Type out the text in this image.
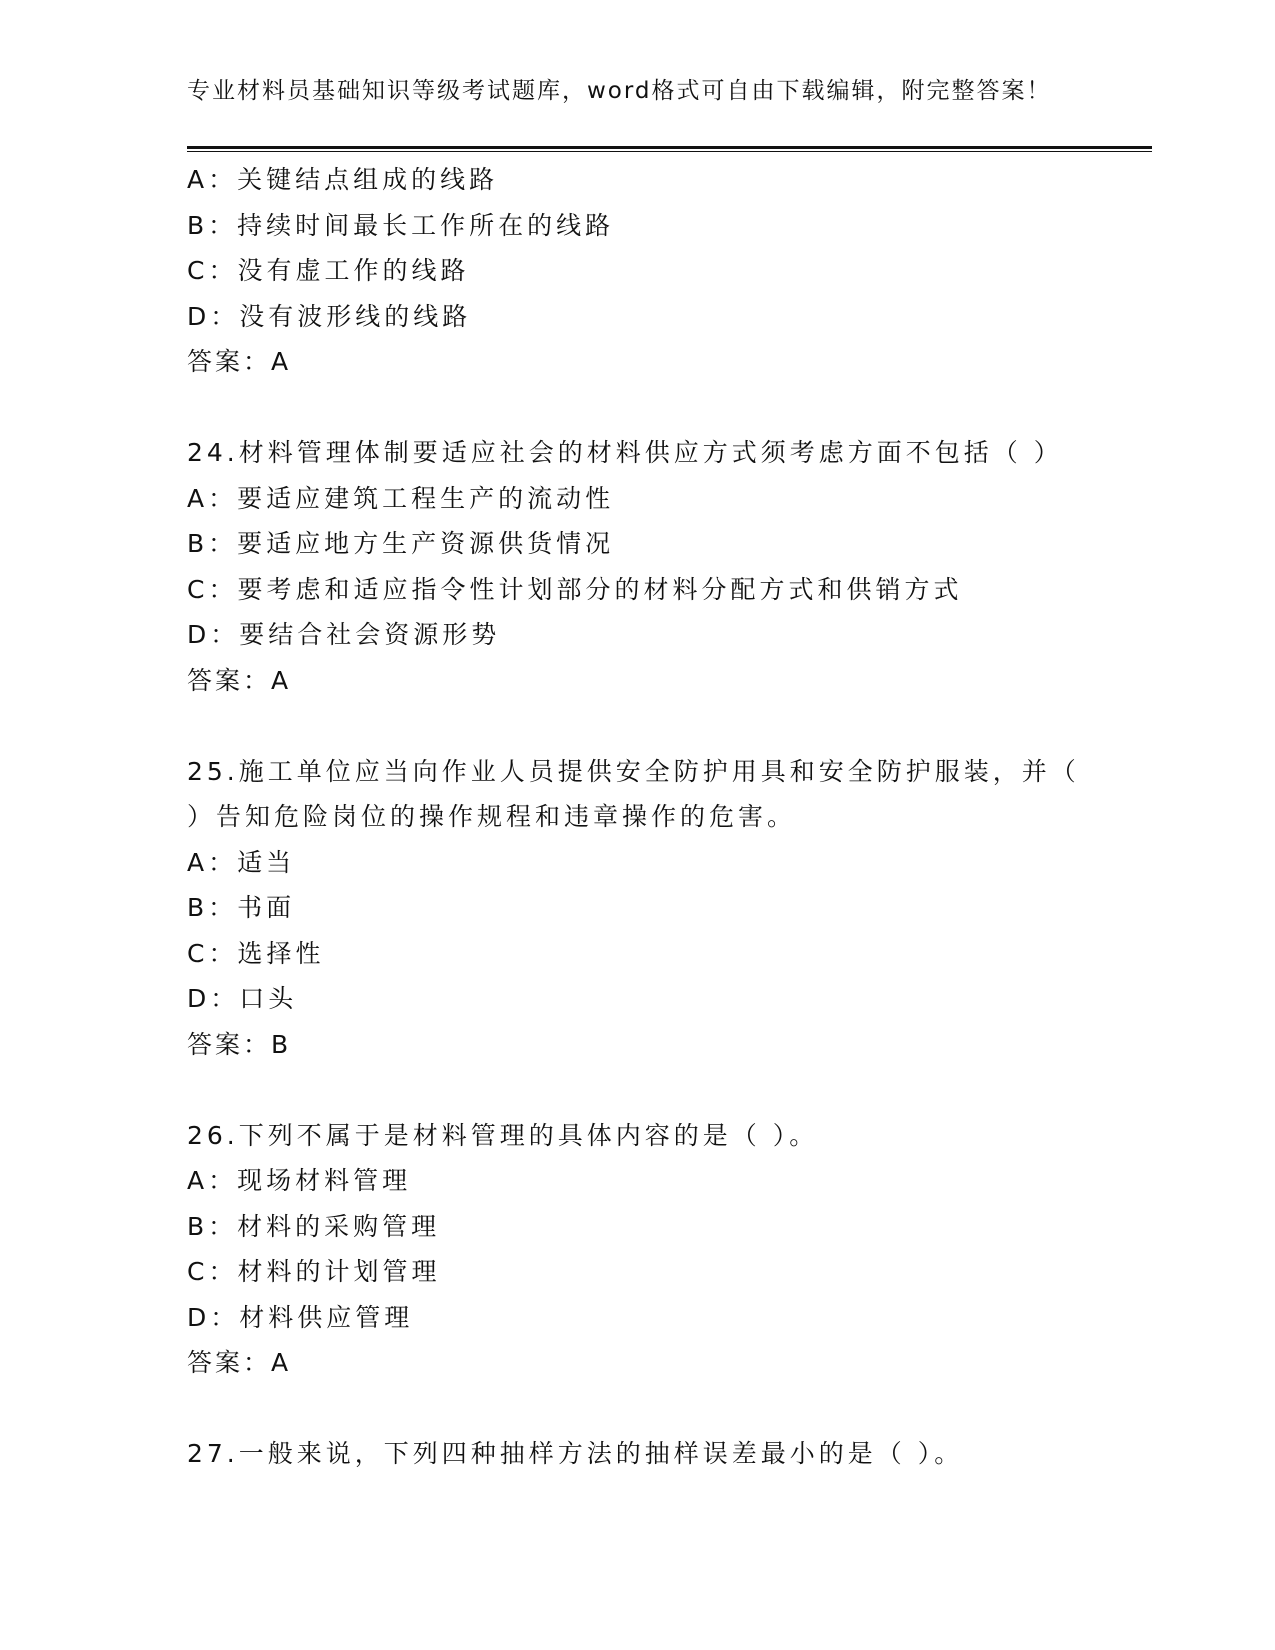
专业材料员基础知识等级考试题库，word格式可自由下载编辑，附完整答案！
A：关键结点组成的线路
B：持续时间最长工作所在的线路
C：没有虚工作的线路
D：没有波形线的线路
答案：A
24.材料管理体制要适应社会的材料供应方式须考虑方面不包括（ ）
A：要适应建筑工程生产的流动性
B：要适应地方生产资源供货情况
C：要考虑和适应指令性计划部分的材料分配方式和供销方式
D：要结合社会资源形势
答案：A
25.施工单位应当向作业人员提供安全防护用具和安全防护服装，并（
）告知危险岗位的操作规程和违章操作的危害。
A：适当
B：书面
C：选择性
D：口头
答案：B
26.下列不属于是材料管理的具体内容的是（ ）。
A：现场材料管理
B：材料的采购管理
C：材料的计划管理
D：材料供应管理
答案：A
27.一般来说，下列四种抽样方法的抽样误差最小的是（ ）。
